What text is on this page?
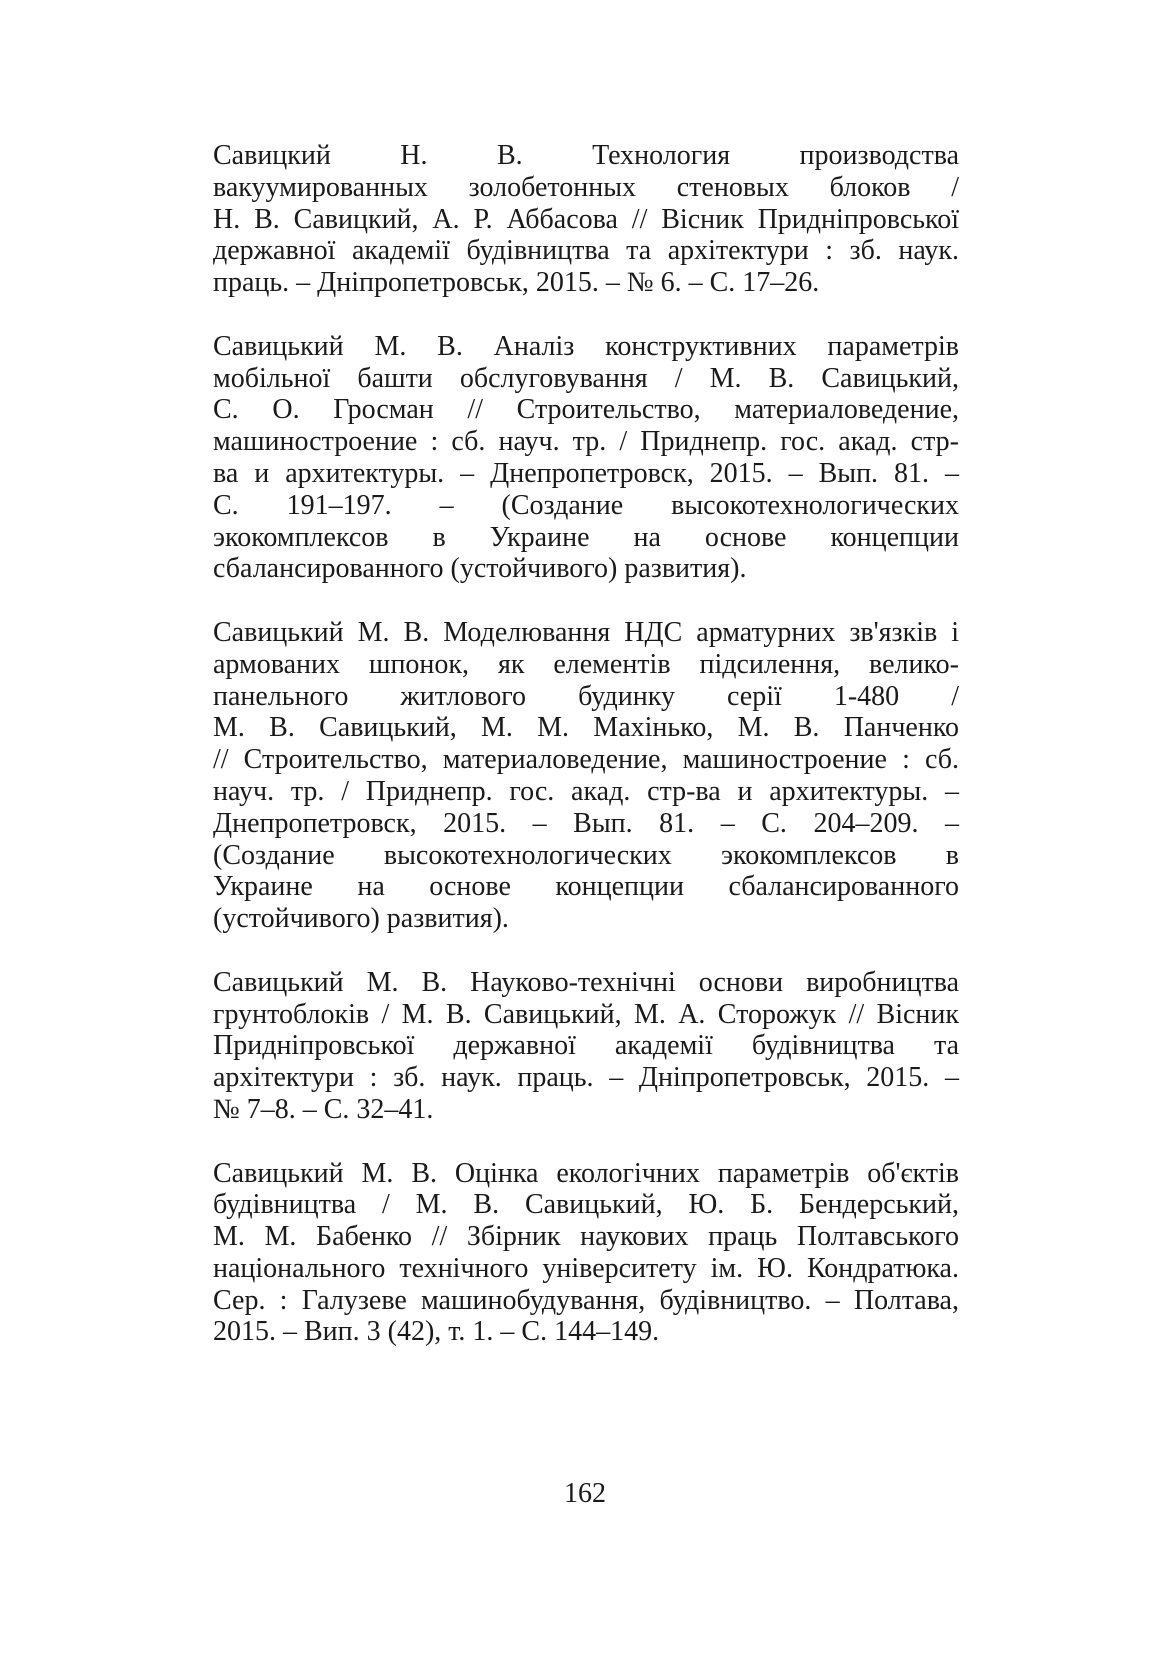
Савицкий Н. В. Технология производства
вакуумированных золобетонных стеновых блоков /
Н. В. Савицкий, А. Р. Аббасова // Вісник Придніпровської
державної академії будівництва та архітектури : зб. наук.
праць. – Дніпропетровськ, 2015. – № 6. – С. 17–26.
Савицький М. В. Аналіз конструктивних параметрів
мобільної башти обслуговування / М. В. Савицький,
С. О. Гросман // Строительство, материаловедение,
машиностроение : сб. науч. тр. / Приднепр. гос. акад. стр-
ва и архитектуры. – Днепропетровск, 2015. – Вып. 81. –
С. 191–197. – (Создание высокотехнологических
экокомплексов в Украине на основе концепции
сбалансированного (устойчивого) развития).
Савицький М. В. Моделювання НДС арматурних зв'язків і
армованих шпонок, як елементів підсилення, велико-
панельного житлового будинку серії 1-480 /
М. В. Савицький, М. М. Махінько, М. В. Панченко
// Строительство, материаловедение, машиностроение : сб.
науч. тр. / Приднепр. гос. акад. стр-ва и архитектуры. –
Днепропетровск, 2015. – Вып. 81. – С. 204–209. –
(Создание высокотехнологических экокомплексов в
Украине на основе концепции сбалансированного
(устойчивого) развития).
Савицький М. В. Науково-технічні основи виробництва
грунтоблоків / М. В. Савицький, М. А. Сторожук // Вісник
Придніпровської державної академії будівництва та
архітектури : зб. наук. праць. – Дніпропетровськ, 2015. –
№ 7–8. – С. 32–41.
Савицький М. В. Оцінка екологічних параметрів об'єктів
будівництва / М. В. Савицький, Ю. Б. Бендерський,
М. М. Бабенко // Збірник наукових праць Полтавського
національного технічного університету ім. Ю. Кондратюка.
Сер. : Галузеве машинобудування, будівництво. – Полтава,
2015. – Вип. 3 (42), т. 1. – С. 144–149.
162
